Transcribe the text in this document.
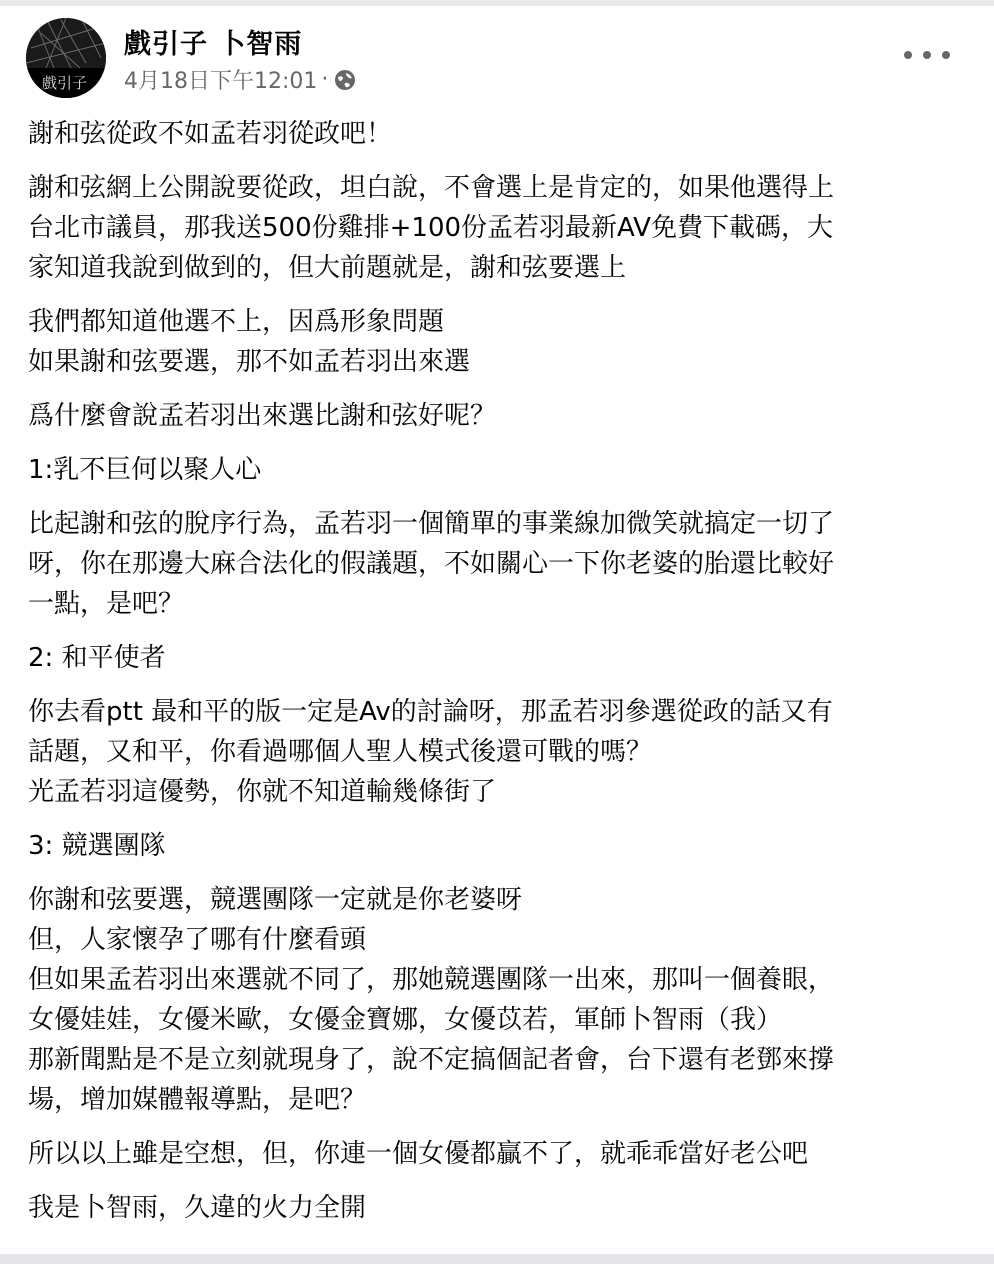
戲引子
戲引子 卜智雨
4月18日下午12:01 ·
謝和弦從政不如孟若羽從政吧！
謝和弦網上公開說要從政，坦白說，不會選上是肯定的，如果他選得上
台北市議員，那我送500份雞排+100份孟若羽最新AV免費下載碼，大
家知道我說到做到的，但大前題就是，謝和弦要選上
我們都知道他選不上，因爲形象問題
如果謝和弦要選，那不如孟若羽出來選
爲什麼會說孟若羽出來選比謝和弦好呢？
1:乳不巨何以聚人心
比起謝和弦的脫序行為，孟若羽一個簡單的事業線加微笑就搞定一切了
呀，你在那邊大麻合法化的假議題，不如關心一下你老婆的胎還比較好
一點，是吧？
2: 和平使者
你去看ptt 最和平的版一定是Av的討論呀，那孟若羽參選從政的話又有
話題，又和平，你看過哪個人聖人模式後還可戰的嗎？
光孟若羽這優勢，你就不知道輸幾條街了
3: 競選團隊
你謝和弦要選，競選團隊一定就是你老婆呀
但，人家懷孕了哪有什麼看頭
但如果孟若羽出來選就不同了，那她競選團隊一出來，那叫一個養眼，
女優娃娃，女優米歐，女優金寶娜，女優苡若，軍師卜智雨（我）
那新聞點是不是立刻就現身了，說不定搞個記者會，台下還有老鄧來撐
場，增加媒體報導點，是吧？
所以以上雖是空想，但，你連一個女優都贏不了，就乖乖當好老公吧
我是卜智雨，久違的火力全開
